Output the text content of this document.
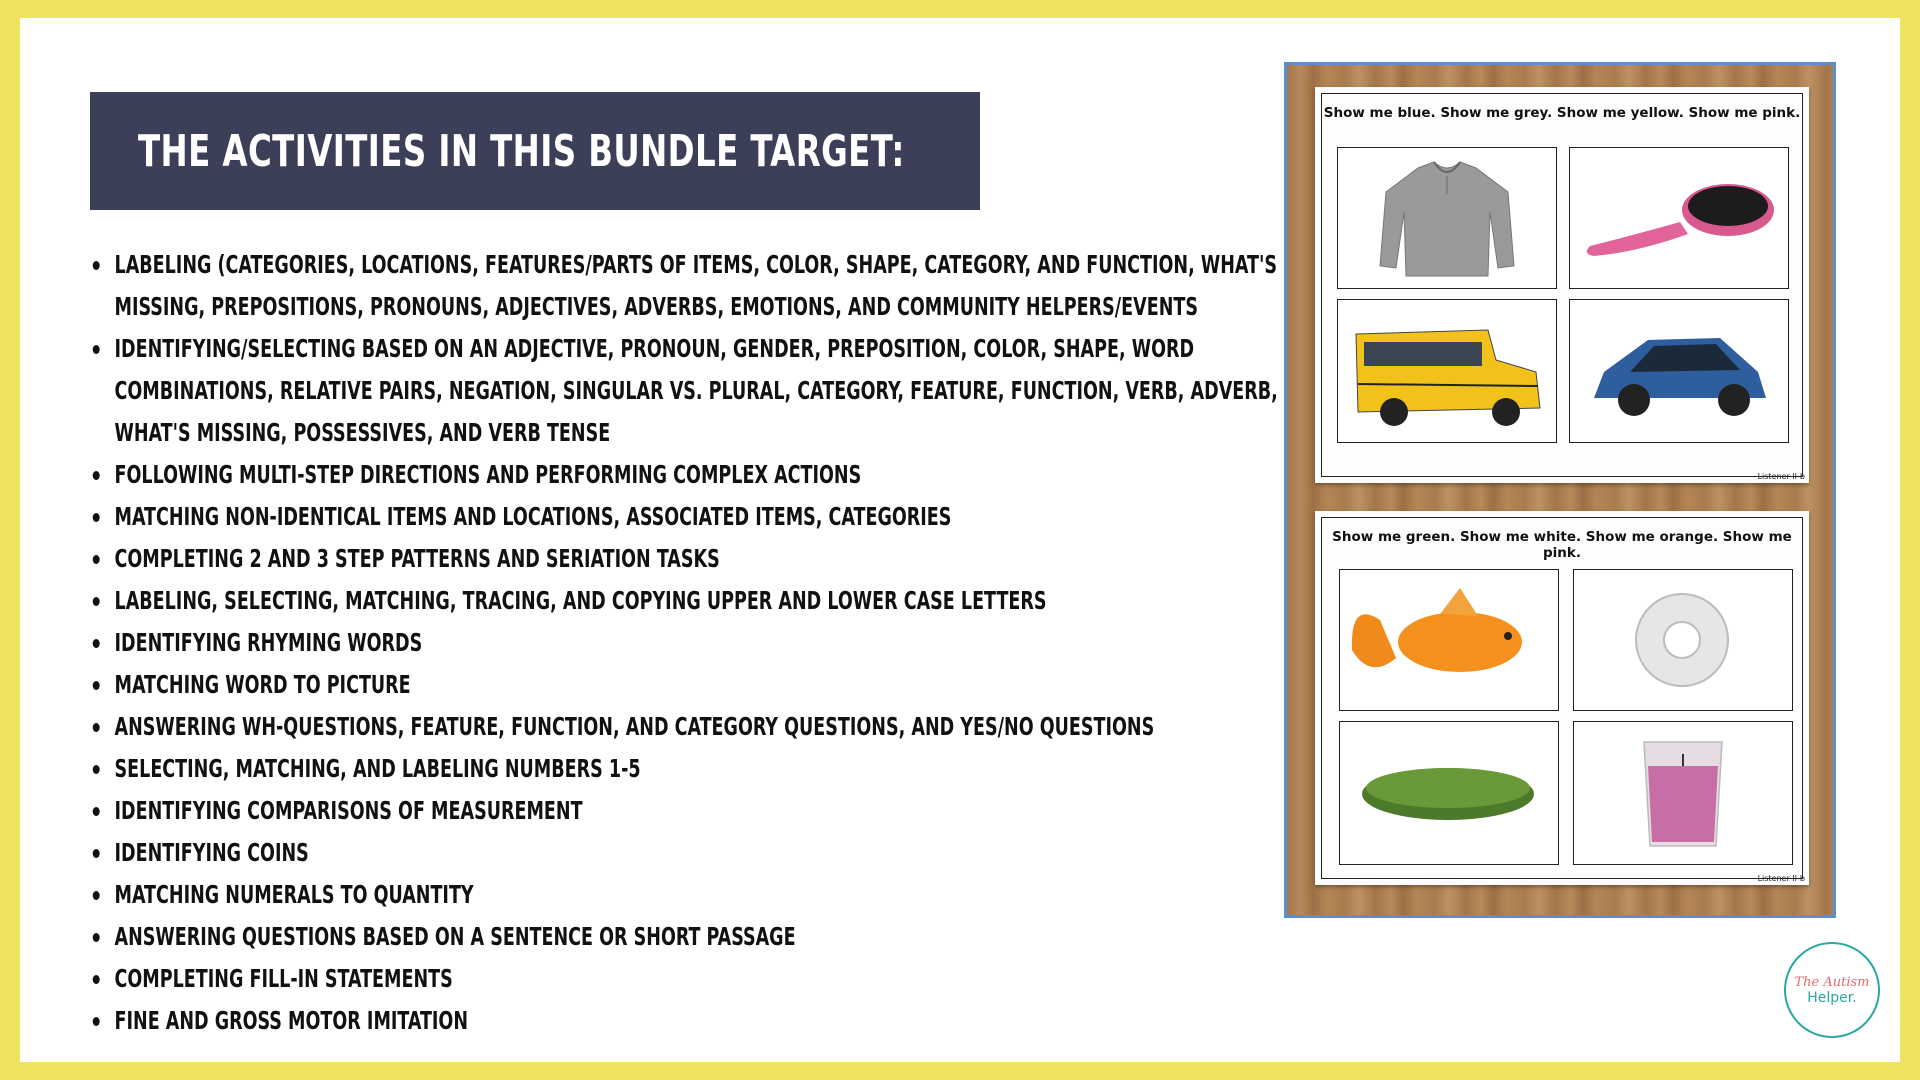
THE ACTIVITIES IN THIS BUNDLE TARGET:
LABELING (CATEGORIES, LOCATIONS, FEATURES/PARTS OF ITEMS, COLOR, SHAPE, CATEGORY, AND FUNCTION, WHAT'S
MISSING, PREPOSITIONS, PRONOUNS, ADJECTIVES, ADVERBS, EMOTIONS, AND COMMUNITY HELPERS/EVENTS
IDENTIFYING/SELECTING BASED ON AN ADJECTIVE, PRONOUN, GENDER, PREPOSITION, COLOR, SHAPE, WORD
COMBINATIONS, RELATIVE PAIRS, NEGATION, SINGULAR VS. PLURAL, CATEGORY, FEATURE, FUNCTION, VERB, ADVERB,
WHAT'S MISSING, POSSESSIVES, AND VERB TENSE
FOLLOWING MULTI-STEP DIRECTIONS AND PERFORMING COMPLEX ACTIONS
MATCHING NON-IDENTICAL ITEMS AND LOCATIONS, ASSOCIATED ITEMS, CATEGORIES
COMPLETING 2 AND 3 STEP PATTERNS AND SERIATION TASKS
LABELING, SELECTING, MATCHING, TRACING, AND COPYING UPPER AND LOWER CASE LETTERS
IDENTIFYING RHYMING WORDS
MATCHING WORD TO PICTURE
ANSWERING WH-QUESTIONS, FEATURE, FUNCTION, AND CATEGORY QUESTIONS, AND YES/NO QUESTIONS
SELECTING, MATCHING, AND LABELING NUMBERS 1-5
IDENTIFYING COMPARISONS OF MEASUREMENT
IDENTIFYING COINS
MATCHING NUMERALS TO QUANTITY
ANSWERING QUESTIONS BASED ON A SENTENCE OR SHORT PASSAGE
COMPLETING FILL-IN STATEMENTS
FINE AND GROSS MOTOR IMITATION
Show me blue. Show me grey. Show me yellow. Show me pink.
Listener II-b
Show me green. Show me white. Show me orange. Show me pink.
Listener II-b
The Autism
Helper.
